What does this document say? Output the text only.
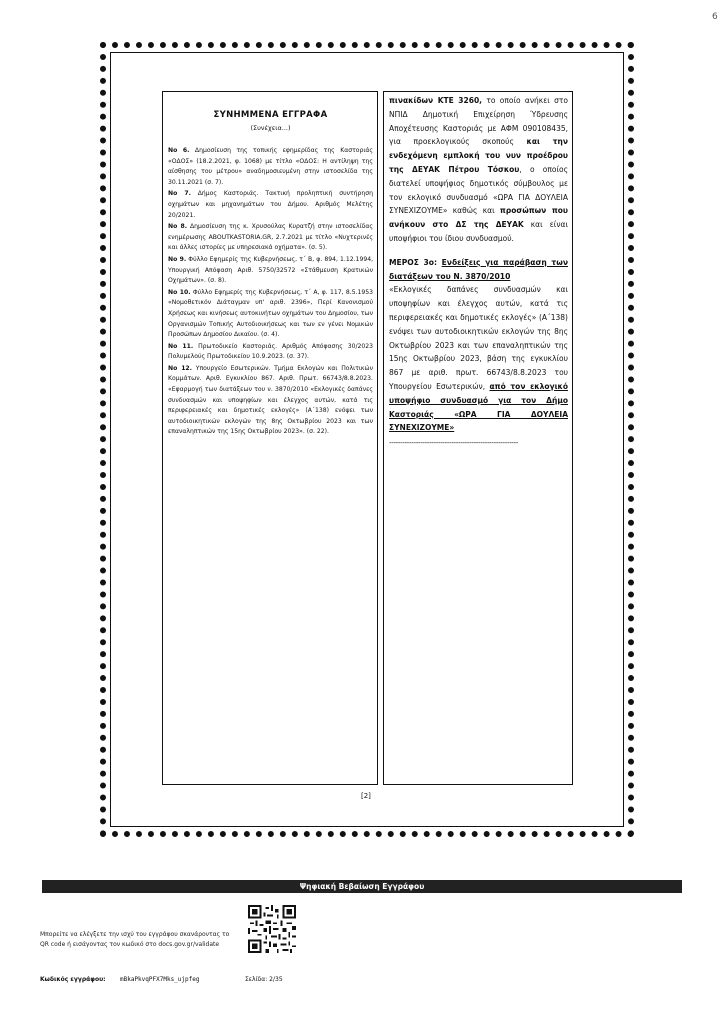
6
ΣΥΝΗΜΜΕΝΑ ΕΓΓΡΑΦΑ
(Συνέχεια...)

Νο 6. Δημοσίευση της τοπικής εφημερίδας της Καστοριάς «ΟΔΟΣ» (18.2.2021, φ. 1068) με τίτλο «ΟΔΟΣ: Η αντίληψη της αίσθησης του μέτρου» αναδημοσιευμένη στην ιστοσελίδα της 30.11.2021 (σ. 7).

Νο 7. Δήμος Καστοριάς. Τακτική προληπτική συντήρηση οχημάτων και μηχανημάτων του Δήμου. Αριθμός Μελέτης 20/2021.

Νο 8. Δημοσίευση της κ. Χρυσούλας Κυρατζή στην ιστοσελίδας ενημέρωσης ABOUTKASTORIA.GR, 2.7.2021 με τίτλο «Νυχτερινές και άλλες ιστορίες με υπηρεσιακά οχήματα». (σ. 5).

Νο 9. Φύλλο Εφημερίς της Κυβερνήσεως, τ΄ Β, φ. 894, 1.12.1994, Υπουργική Απόφαση Αριθ. 5750/32572 «Στάθμευση Κρατικών Οχημάτων». (σ. 8).

Νο 10. Φύλλο Εφημερίς της Κυβερνήσεως, τ΄ Α, φ. 117, 8.5.1953 «Νομοθετικόν Διάταγμαν υπ' αριθ. 2396», Περί Κανονισμού Χρήσεως και κινήσεως αυτοκινήτων οχημάτων του Δημοσίου, των Οργανισμών Τοπικής Αυτοδιοικήσεως και των εν γένει Νομικών Προσώπων Δημοσίου Δικαίου. (σ. 4).

Νο 11. Πρωτοδικείο Καστοριάς. Αριθμός Απόφασης 30/2023 Πολυμελούς Πρωτοδικείου 10.9.2023. (σ. 37).

Νο 12. Υπουργείο Εσωτερικών. Τμήμα Εκλογών και Πολιτικών Κομμάτων. Αριθ. Εγκυκλίου 867. Αριθ. Πρωτ. 66743/8.8.2023. «Εφαρμογή των διατάξεων του ν. 3870/2010 «Εκλογικές δαπάνες συνδυασμών και υποψηφίων και έλεγχος αυτών, κατά τις περιφερειακές και δημοτικές εκλογές» (Α΄138) ενόψει των αυτοδιοικητικών εκλογών της 8ης Οκτωβρίου 2023 και των επαναληπτικών της 15ης Οκτωβρίου 2023». (σ. 22).

πινακίδων ΚΤΕ 3260, το οποίο ανήκει στο ΝΠΙΔ Δημοτική Επιχείρηση Ύδρευσης Αποχέτευσης Καστοριάς με ΑΦΜ 090108435, για προεκλογικούς σκοπούς και την ενδεχόμενη εμπλοκή του νυν προέδρου της ΔΕΥΑΚ Πέτρου Τόσκου, ο οποίος διατελεί υποψήφιος δημοτικός σύμβουλος με τον εκλογικό συνδυασμό «ΩΡΑ ΓΙΑ ΔΟΥΛΕΙΑ ΣΥΝΕΧΙΖΟΥΜΕ» καθώς και προσώπων που ανήκουν στο ΔΣ της ΔΕΥΑΚ και είναι υποψήφιοι του ίδιου συνδυασμού.

ΜΕΡΟΣ 3ο: Ενδείξεις για παράβαση των διατάξεων του Ν. 3870/2010

«Εκλογικές δαπάνες συνδυασμών και υποψηφίων και έλεγχος αυτών, κατά τις περιφερειακές και δημοτικές εκλογές» (Α΄138) ενόψει των αυτοδιοικητικών εκλογών της 8ης Οκτωβρίου 2023 και των επαναληπτικών της 15ης Οκτωβρίου 2023, βάση της εγκυκλίου 867 με αριθ. πρωτ. 66743/8.8.2023 του Υπουργείου Εσωτερικών, από τον εκλογικό υποψήφιο συνδυασμό για τον Δήμο Καστοριάς «ΩΡΑ ΓΙΑ ΔΟΥΛΕΙΑ ΣΥΝΕΧΙΖΟΥΜΕ»

----------------------------------------------------------
[2]
Ψηφιακή Βεβαίωση Εγγράφου
Μπορείτε να ελέγξετε την ισχύ του εγγράφου σκανάροντας το QR code ή εισάγοντας τον κωδικό στο docs.gov.gr/validate
Κωδικός εγγράφου: mBkaPkvqPFX7Mks_ujpfeg	Σελίδα: 2/35
